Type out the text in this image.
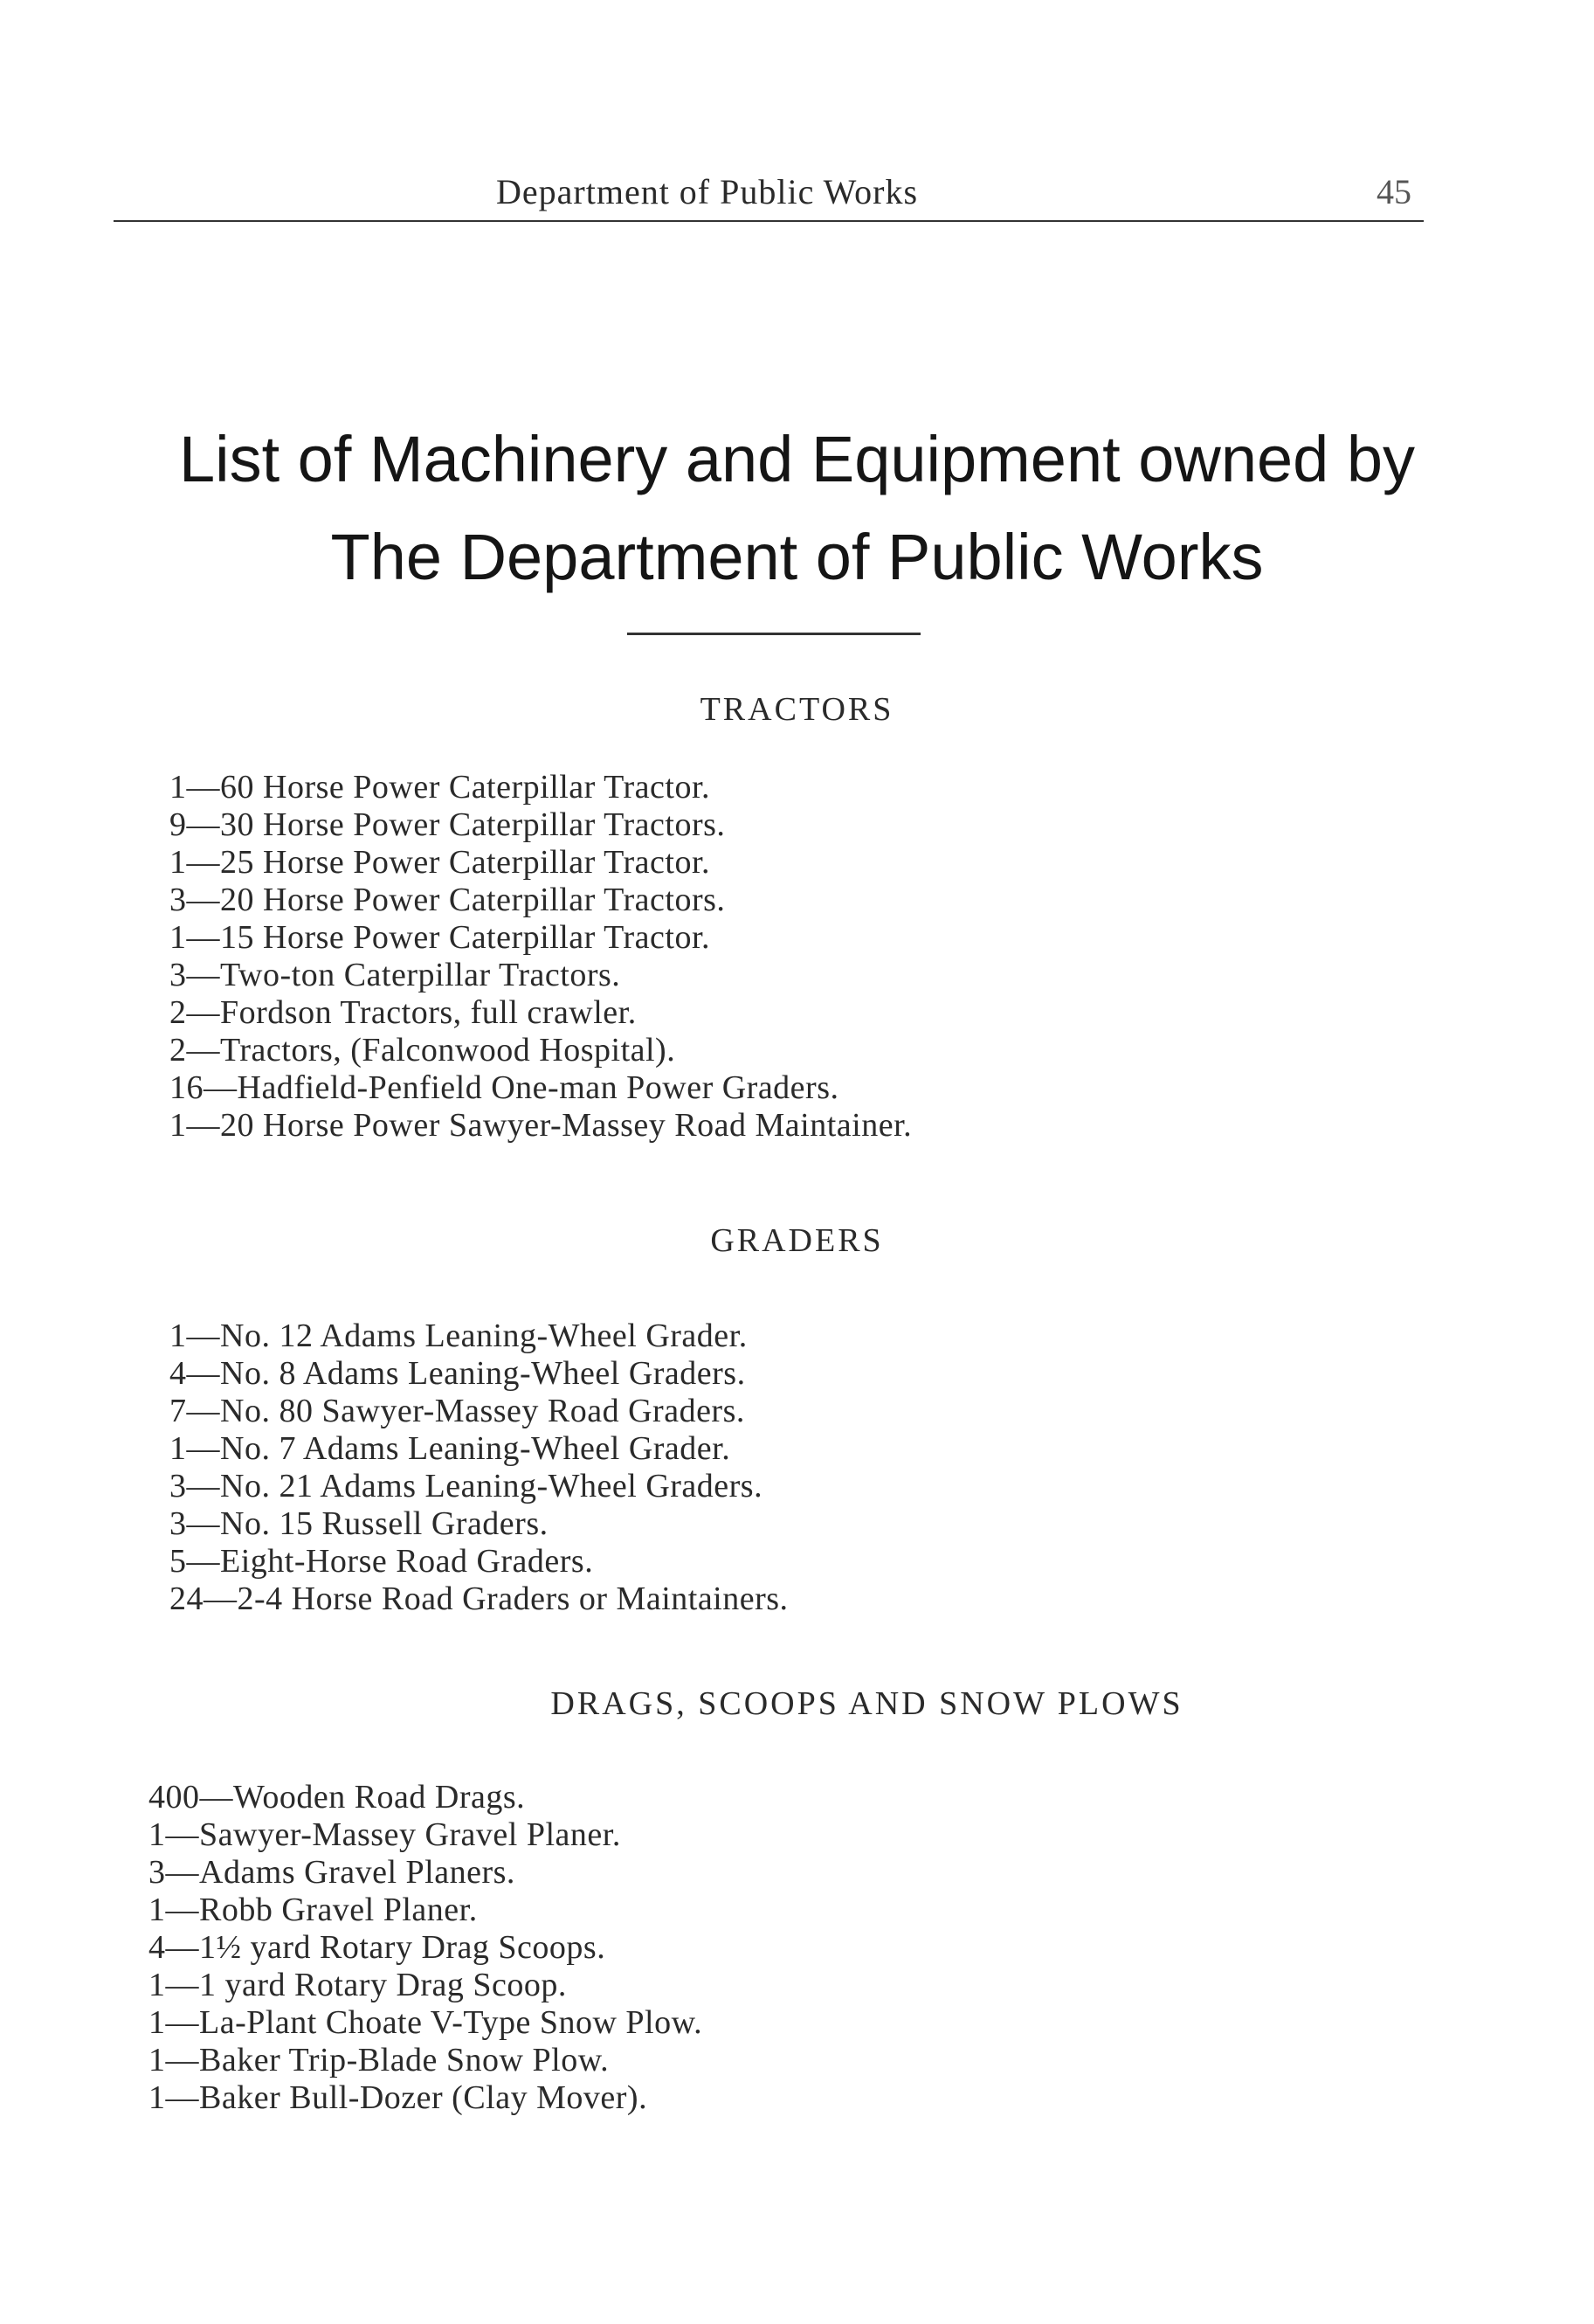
Department of Public Works	45
List of Machinery and Equipment owned by
The Department of Public Works
TRACTORS
1—60 Horse Power Caterpillar Tractor.
9—30 Horse Power Caterpillar Tractors.
1—25 Horse Power Caterpillar Tractor.
3—20 Horse Power Caterpillar Tractors.
1—15 Horse Power Caterpillar Tractor.
3—Two-ton Caterpillar Tractors.
2—Fordson Tractors, full crawler.
2—Tractors, (Falconwood Hospital).
16—Hadfield-Penfield One-man Power Graders.
1—20 Horse Power Sawyer-Massey Road Maintainer.
GRADERS
1—No. 12 Adams Leaning-Wheel Grader.
4—No. 8 Adams Leaning-Wheel Graders.
7—No. 80 Sawyer-Massey Road Graders.
1—No. 7 Adams Leaning-Wheel Grader.
3—No. 21 Adams Leaning-Wheel Graders.
3—No. 15 Russell Graders.
5—Eight-Horse Road Graders.
24—2-4 Horse Road Graders or Maintainers.
DRAGS, SCOOPS AND SNOW PLOWS
400—Wooden Road Drags.
1—Sawyer-Massey Gravel Planer.
3—Adams Gravel Planers.
1—Robb Gravel Planer.
4—1½ yard Rotary Drag Scoops.
1—1 yard Rotary Drag Scoop.
1—La-Plant Choate V-Type Snow Plow.
1—Baker Trip-Blade Snow Plow.
1—Baker Bull-Dozer (Clay Mover).
